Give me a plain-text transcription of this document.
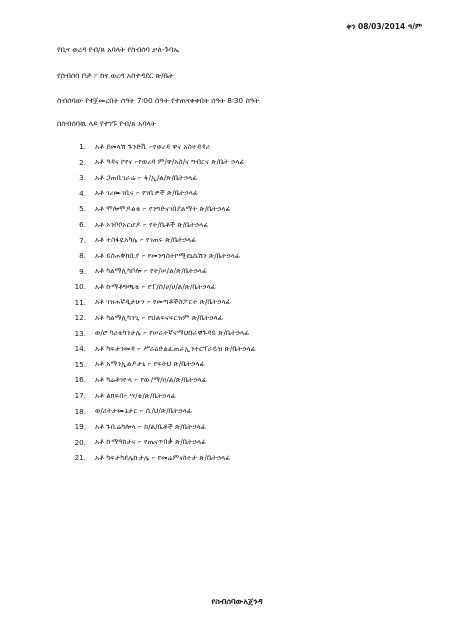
ቀን 08/03/2014 ዓ/ም
የቢና ወረዳ የብ/ጸ አባላት የስብሰባ ቃለ-ጉባኤ
የስብሰባ ቦታ ፦ ከና ወረዳ አስተዳደር ጽ/ቤት
ስብሰባው የተጀመረበት ሰዓት 7፡00 ሰዓት የተጠናቀቀበት ሰዓት 8፡30 ሰዓት
በስብሰባዉ ላይ የተገኙ የብ/ጸ አባላት
1. አቶ ደመላሽ ጉንድቪ ፦የወረዳ ዋና አስተዳዳሪ
2. አቶ ዓዳና ኮየና ፦የወረዳ ም/ዋ/አስ/ና ግብርና ጽ/ቤት ኃላፊ
3. አቶ ጋጠቢገራሬ ፦ ፋ/ኢ/ል/ጽ/ቤትኃላፊ
4. አቶ ገረሙገቢና ፦ የገቢዎች ጽ/ቤትኃላፊ
5. አቶ ሞሎሞዶልቴ ፦ የንግድናገበያልማት ጽ/ቤትኃላፊ
6. አቶ ኦንቦቦኦርሆዶ ፦ የት/ቤቶች ጽ/ቤትኃላፊ
7. አቶ ተስፋዬአካሌ ፦ የገጠሩ ጽ/ቤትኃላፊ
8. አቶ ይስሐቅከቢያ ፦ የመንግስትኮሚዩኒኬሽን ጽ/ቤትኃላፊ
9. አቶ ካልማሊካቦሎ ፦ የት/ሠ/ል/ጽ/ቤትኃላፊ
10. አቶ ኩማቶግጫቴ ፦ የፐ/ሰ/ሀ/ሀ/ል/ጽ/ቤትኃላፊ
11. አቶ ገዝሐኛዲታሁን ፦ የመጣቶችስፖርት ጽ/ቤትኃላፊ
12. አቶ ካልማሊካንጊ ፦ የህልፍናፍርዝም ጽ/ቤትኃላፊ
13. ወ/ሮ ካሪቴካንታሌ ፦ የሠራተኛናማህበራዊጉዳይ ጽ/ቤትኃላፊ
14. አቶ ካፍታንመዳ ፦ ሥራዕድልፈጠራኢንተርፕራይዝ ጽ/ቤትኃላፊ
15. አቶ አማንኢልዶታኒ ፦ የፍትህ ጽ/ቤትኃላፊ
16. አቶ ካሬቶገዮላ ፦ የው/ማ/ዐ/ል/ጽ/ቤትኃላፊ
17. አቶ ልክፍበ፦ ሣ/ቴ/ጽ/ቤትኃላፊ
18. ወ/ሪትታሙኔታር ፦ ሲ/ህ/ጽ/ቤትኃላፊ
19. አቶ ጉቢሬካሎላ ፦ ከ/ል/ቤቶች ጽ/ቤትኃላፊ
20. አቶ ኩማዓከታና ፦ የጤናጥበቃ ጽ/ቤትኃላፊ
21. አቶ ካፍታካደሌኩታሌ ፦ የመሬምናስተታ ጽ/ቤትኃላፊ
የስብሰባውአጀንዳ
